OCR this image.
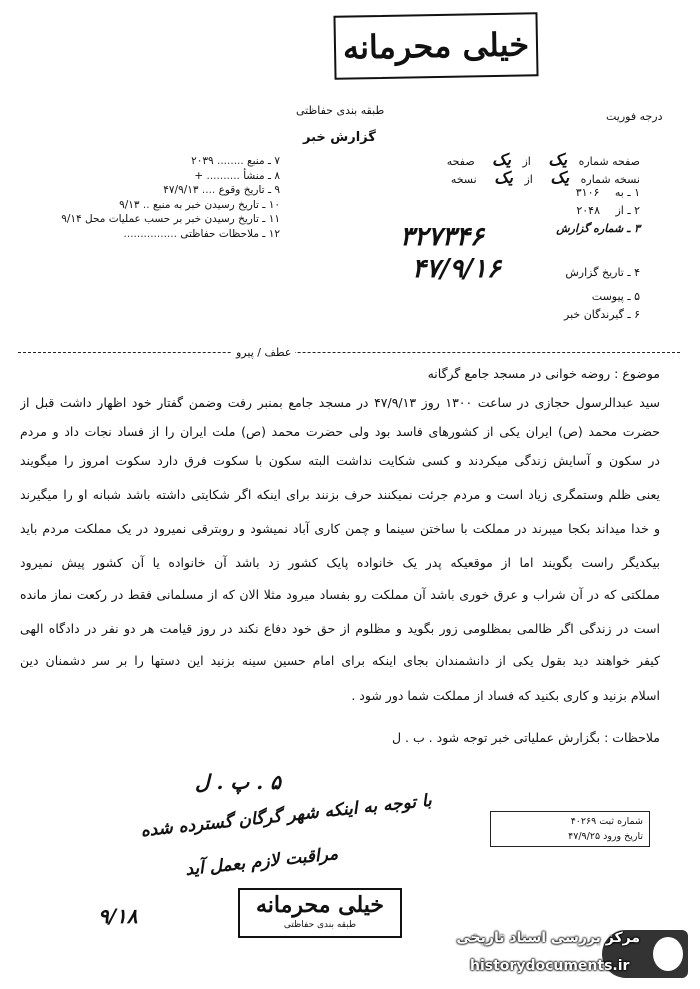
خیلی محرمانه
طبقه بندی حفاظتی	درجه فوریت
گزارش خبر
صفحه شماره یک از یک صفحه
نسخه شماره یک از یک نسخه
۱ ـ به ۳۱۰۶
۲ ـ از ۲۰۴۸
۳ ـ شماره گزارش
۳۲۷۳۴۶
۴ ـ تاریخ گزارش
۴۷/۹/۱۶
۵ ـ پیوست
۶ ـ گیرندگان خبر
۷ ـ منبع ........ ۲۰۳۹
۸ ـ منشأ .......... +
۹ ـ تاریخ وقوع .... ۴۷/۹/۱۳
۱۰ ـ تاریخ رسیدن خبر به منبع .. ۹/۱۳
۱۱ ـ تاریخ رسیدن خبر بر حسب عملیات محل ۹/۱۴
۱۲ ـ ملاحظات حفاظتی ................
عطف / پیرو
موضوع : روضه خوانی در مسجد جامع گرگانه
سید عبدالرسول حجازی در ساعت ۱۳۰۰ روز ۴۷/۹/۱۳ در مسجد جامع بمنبر رفت وضمن گفتار خود اظهار داشت قبل از
حضرت محمد (ص) ایران یکی از کشورهای فاسد بود ولی حضرت محمد (ص) ملت ایران را از فساد نجات داد و مردم
در سکون و آسایش زندگی میکردند و کسی شکایت نداشت البته سکون با سکوت فرق دارد سکوت امروز را میگویند
یعنی ظلم وستمگری زیاد است و مردم جرئت نمیکنند حرف بزنند برای اینکه اگر شکایتی داشته باشد شبانه او را میگیرند
و خدا میداند بکجا میبرند در مملکت با ساختن سینما و چمن کاری آباد نمیشود و روبترقی نمیرود در یک مملکت مردم باید
بیکدیگر راست بگویند اما از موقعیکه پدر یک خانواده پایک کشور زد باشد آن خانواده یا آن کشور پیش نمیرود
مملکتی که در آن شراب و عرق خوری باشد آن مملکت رو بفساد میرود مثلا الان که از مسلمانی فقط در رکعت نماز مانده
است در زندگی اگر ظالمی بمظلومی زور بگوید و مظلوم از حق خود دفاع نکند در روز قیامت هر دو نفر در دادگاه الهی
کیفر خواهند دید بقول یکی از دانشمندان بجای اینکه برای امام حسین سینه بزنید این دستها را بر سر دشمنان دین
اسلام بزنید و کاری بکنید که فساد از مملکت شما دور شود .
ملاحظات : بگزارش عملیاتی خبر توجه شود . ب . ل
۵ . پ . ل
با توجه به اینکه شهر گرگان گسترده شده
مراقبت لازم بعمل آید
۹/۱۸
شماره ثبت ۴۰۲۶۹
تاریخ ورود ۴۷/۹/۲۵
خیلی محرمانه
طبقه بندی حفاظتی
مرکز بررسی اسناد تاریخی
historydocuments.ir
